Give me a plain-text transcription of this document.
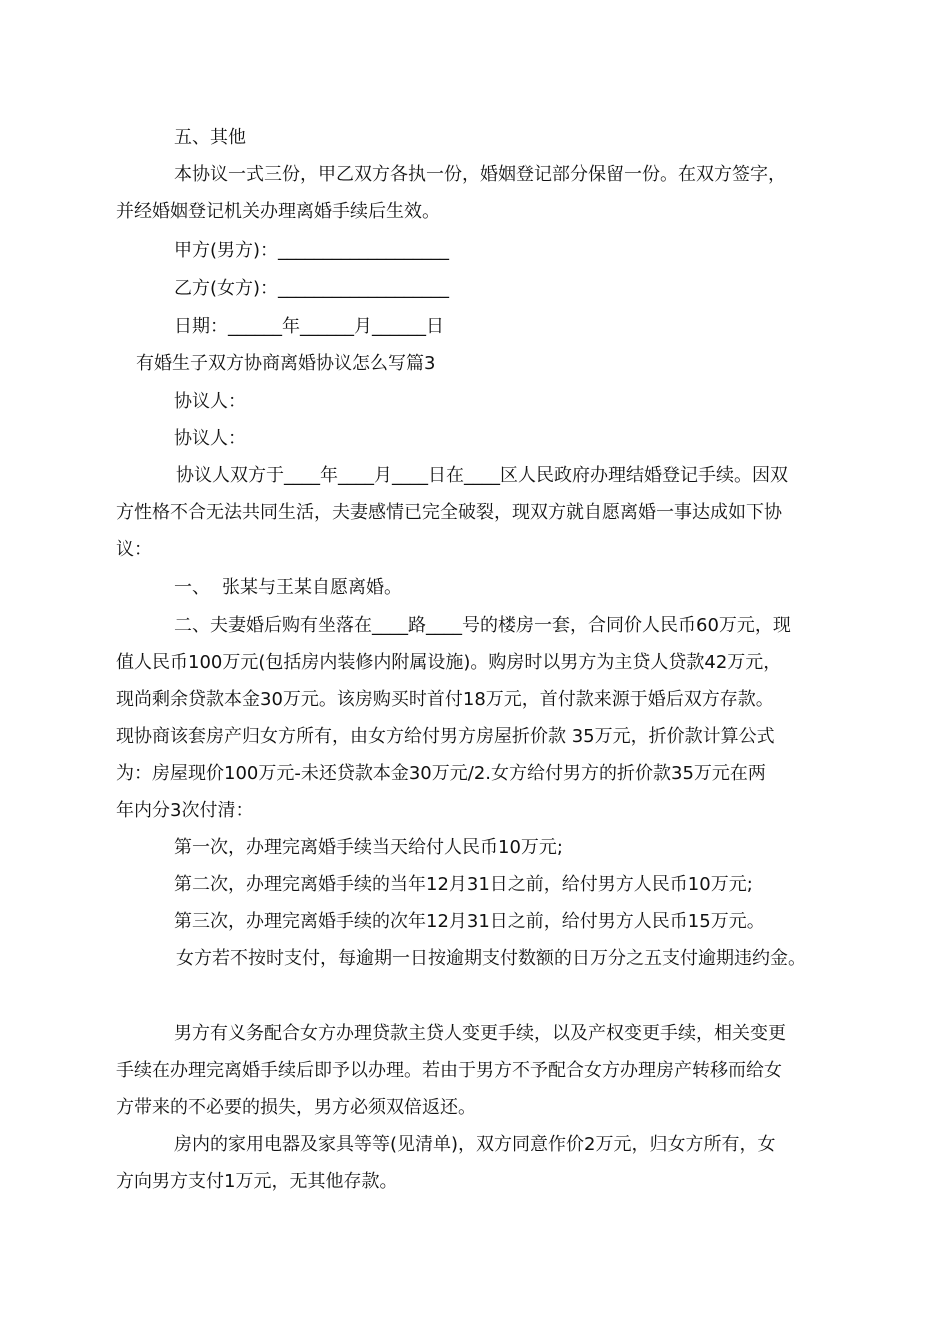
五、其他
本协议一式三份，甲乙双方各执一份，婚姻登记部分保留一份。在双方签字，
并经婚姻登记机关办理离婚手续后生效。
甲方(男方)：___________________
乙方(女方)：___________________
日期：______年______月______日
有婚生子双方协商离婚协议怎么写篇3
协议人：
协议人：
协议人双方于____年____月____日在____区人民政府办理结婚登记手续。因双
方性格不合无法共同生活，夫妻感情已完全破裂，现双方就自愿离婚一事达成如下协
议：
一、 张某与王某自愿离婚。
二、夫妻婚后购有坐落在____路____号的楼房一套，合同价人民币60万元，现
值人民币100万元(包括房内装修内附属设施)。购房时以男方为主贷人贷款42万元，
现尚剩余贷款本金30万元。该房购买时首付18万元，首付款来源于婚后双方存款。
现协商该套房产归女方所有，由女方给付男方房屋折价款 35万元，折价款计算公式
为：房屋现价100万元-未还贷款本金30万元/2.女方给付男方的折价款35万元在两
年内分3次付清：
第一次，办理完离婚手续当天给付人民币10万元;
第二次，办理完离婚手续的当年12月31日之前，给付男方人民币10万元;
第三次，办理完离婚手续的次年12月31日之前，给付男方人民币15万元。
女方若不按时支付，每逾期一日按逾期支付数额的日万分之五支付逾期违约金。
男方有义务配合女方办理贷款主贷人变更手续，以及产权变更手续，相关变更
手续在办理完离婚手续后即予以办理。若由于男方不予配合女方办理房产转移而给女
方带来的不必要的损失，男方必须双倍返还。
房内的家用电器及家具等等(见清单)，双方同意作价2万元，归女方所有，女
方向男方支付1万元，无其他存款。
